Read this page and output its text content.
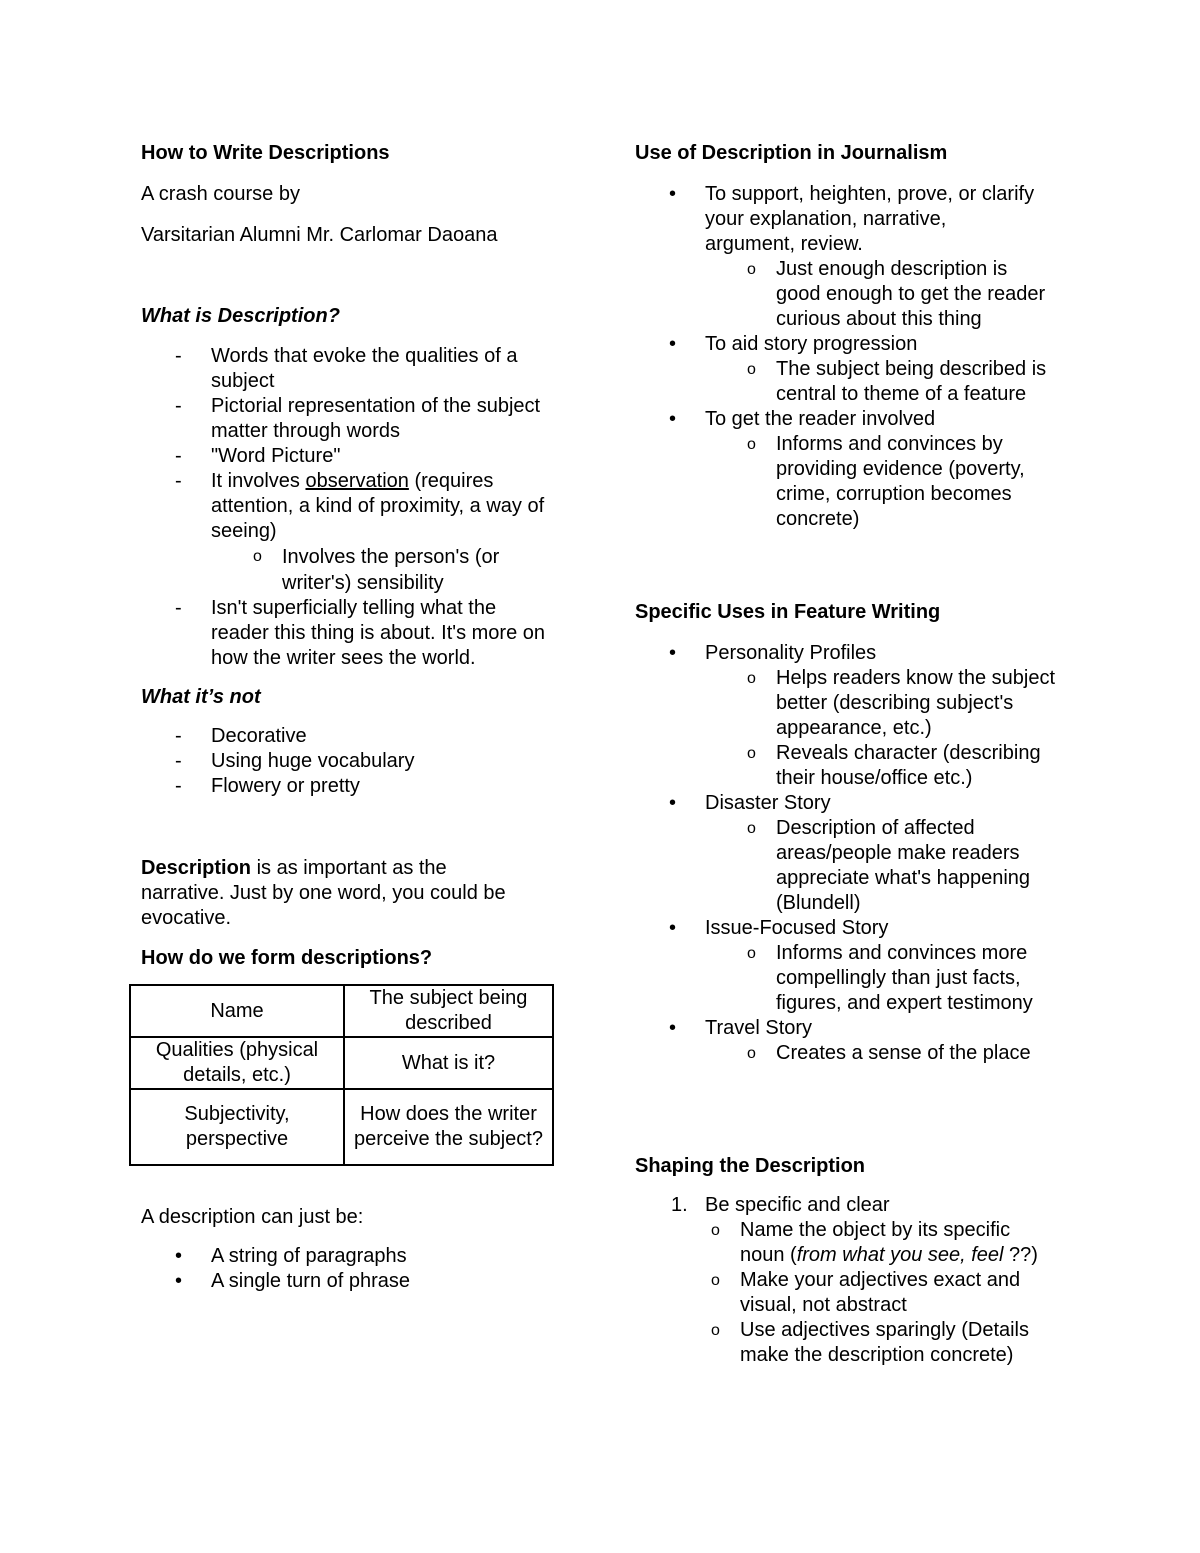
How to Write Descriptions
A crash course by
Varsitarian Alumni Mr. Carlomar Daoana
What is Description?
- Words that evoke the qualities of a subject
- Pictorial representation of the subject matter through words
- "Word Picture"
- It involves observation (requires attention, a kind of proximity, a way of seeing)
o Involves the person's (or writer's) sensibility
- Isn't superficially telling what the reader this thing is about. It's more on how the writer sees the world.
What it’s not
- Decorative
- Using huge vocabulary
- Flowery or pretty
Description is as important as the
narrative. Just by one word, you could be
evocative.
How do we form descriptions?
Name	The subject being described
Qualities (physical details, etc.)	What is it?
Subjectivity, perspective	How does the writer perceive the subject?
A description can just be:
• A string of paragraphs
• A single turn of phrase
Use of Description in Journalism
• To support, heighten, prove, or clarify your explanation, narrative, argument, review.
o Just enough description is good enough to get the reader curious about this thing
• To aid story progression
o The subject being described is central to theme of a feature
• To get the reader involved
o Informs and convinces by providing evidence (poverty, crime, corruption becomes concrete)
Specific Uses in Feature Writing
• Personality Profiles
o Helps readers know the subject better (describing subject's appearance, etc.)
o Reveals character (describing their house/office etc.)
• Disaster Story
o Description of affected areas/people make readers appreciate what's happening (Blundell)
• Issue-Focused Story
o Informs and convinces more compellingly than just facts, figures, and expert testimony
• Travel Story
o Creates a sense of the place
Shaping the Description
1. Be specific and clear
o Name the object by its specific noun (from what you see, feel ??)
o Make your adjectives exact and visual, not abstract
o Use adjectives sparingly (Details make the description concrete)
